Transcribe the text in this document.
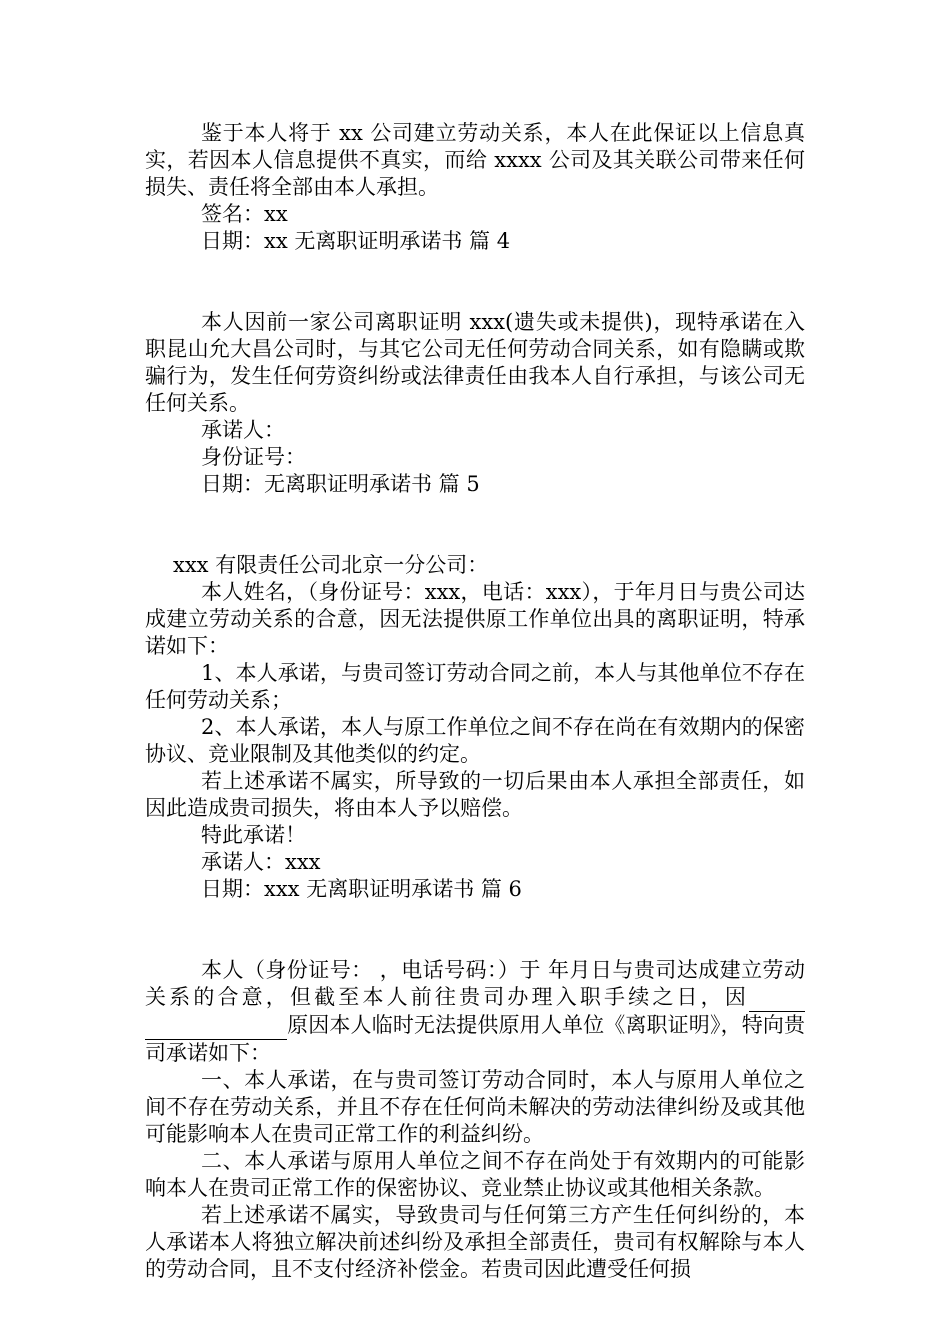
鉴于本人将于 xx 公司建立劳动关系，本人在此保证以上信息真实，若因本人信息提供不真实，而给 xxxx 公司及其关联公司带来任何损失、责任将全部由本人承担。

签名：xx

日期：xx 无离职证明承诺书 篇 4

本人因前一家公司离职证明 xxx(遗失或未提供)，现特承诺在入职昆山允大昌公司时，与其它公司无任何劳动合同关系，如有隐瞒或欺骗行为，发生任何劳资纠纷或法律责任由我本人自行承担，与该公司无任何关系。

承诺人：

身份证号：

日期：无离职证明承诺书 篇 5

xxx 有限责任公司北京一分公司：

本人姓名，（身份证号：xxx，电话：xxx），于年月日与贵公司达成建立劳动关系的合意，因无法提供原工作单位出具的离职证明，特承诺如下：

1、本人承诺，与贵司签订劳动合同之前，本人与其他单位不存在任何劳动关系；

2、本人承诺，本人与原工作单位之间不存在尚在有效期内的保密协议、竞业限制及其他类似的约定。

若上述承诺不属实，所导致的一切后果由本人承担全部责任，如因此造成贵司损失，将由本人予以赔偿。

特此承诺！

承诺人：xxx

日期：xxx 无离职证明承诺书 篇 6

本人（身份证号： ，电话号码：）于 年月日与贵司达成建立劳动关系的合意，但截至本人前往贵司办理入职手续之日，因  原因本人临时无法提供原用人单位《离职证明》，特向贵司承诺如下：

一、本人承诺，在与贵司签订劳动合同时，本人与原用人单位之间不存在劳动关系，并且不存在任何尚未解决的劳动法律纠纷及或其他可能影响本人在贵司正常工作的利益纠纷。

二、本人承诺与原用人单位之间不存在尚处于有效期内的可能影响本人在贵司正常工作的保密协议、竞业禁止协议或其他相关条款。

若上述承诺不属实，导致贵司与任何第三方产生任何纠纷的，本人承诺本人将独立解决前述纠纷及承担全部责任，贵司有权解除与本人的劳动合同，且不支付经济补偿金。若贵司因此遭受任何损
